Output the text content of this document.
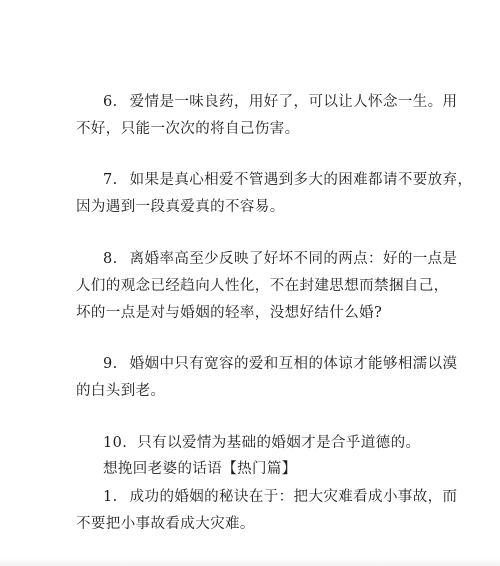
6. 爱情是一味良药，用好了，可以让人怀念一生。用
不好，只能一次次的将自己伤害。
7. 如果是真心相爱不管遇到多大的困难都请不要放弃，
因为遇到一段真爱真的不容易。
8. 离婚率高至少反映了好坏不同的两点：好的一点是
人们的观念已经趋向人性化，不在封建思想而禁捆自己，
坏的一点是对与婚姻的轻率，没想好结什么婚?
9. 婚姻中只有宽容的爱和互相的体谅才能够相濡以漠
的白头到老。
10. 只有以爱情为基础的婚姻才是合乎道德的。
想挽回老婆的话语【热门篇】
1. 成功的婚姻的秘诀在于：把大灾难看成小事故，而
不要把小事故看成大灾难。
